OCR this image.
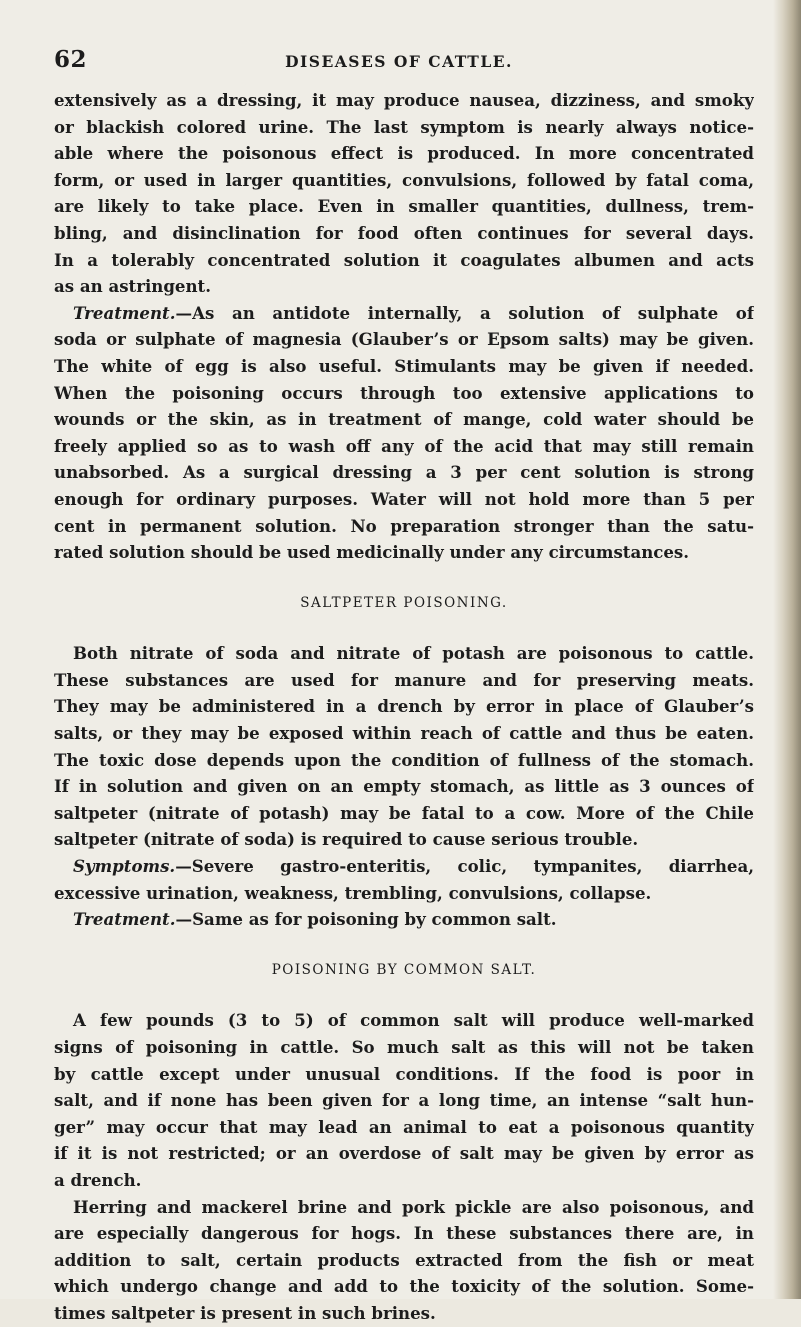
62	DISEASES OF CATTLE.
extensively as a dressing, it may produce nausea, dizziness, and smoky
or blackish colored urine. The last symptom is nearly always notice-
able where the poisonous effect is produced. In more concentrated
form, or used in larger quantities, convulsions, followed by fatal coma,
are likely to take place. Even in smaller quantities, dullness, trem-
bling, and disinclination for food often continues for several days.
In a tolerably concentrated solution it coagulates albumen and acts
as an astringent.
Treatment.—As an antidote internally, a solution of sulphate of
soda or sulphate of magnesia (Glauber’s or Epsom salts) may be given.
The white of egg is also useful. Stimulants may be given if needed.
When the poisoning occurs through too extensive applications to
wounds or the skin, as in treatment of mange, cold water should be
freely applied so as to wash off any of the acid that may still remain
unabsorbed. As a surgical dressing a 3 per cent solution is strong
enough for ordinary purposes. Water will not hold more than 5 per
cent in permanent solution. No preparation stronger than the satu-
rated solution should be used medicinally under any circumstances.
SALTPETER POISONING.
Both nitrate of soda and nitrate of potash are poisonous to cattle.
These substances are used for manure and for preserving meats.
They may be administered in a drench by error in place of Glauber’s
salts, or they may be exposed within reach of cattle and thus be eaten.
The toxic dose depends upon the condition of fullness of the stomach.
If in solution and given on an empty stomach, as little as 3 ounces of
saltpeter (nitrate of potash) may be fatal to a cow. More of the Chile
saltpeter (nitrate of soda) is required to cause serious trouble.
Symptoms.—Severe gastro-enteritis, colic, tympanites, diarrhea,
excessive urination, weakness, trembling, convulsions, collapse.
Treatment.—Same as for poisoning by common salt.
POISONING BY COMMON SALT.
A few pounds (3 to 5) of common salt will produce well-marked
signs of poisoning in cattle. So much salt as this will not be taken
by cattle except under unusual conditions. If the food is poor in
salt, and if none has been given for a long time, an intense “salt hun-
ger” may occur that may lead an animal to eat a poisonous quantity
if it is not restricted; or an overdose of salt may be given by error as
a drench.
Herring and mackerel brine and pork pickle are also poisonous, and
are especially dangerous for hogs. In these substances there are, in
addition to salt, certain products extracted from the fish or meat
which undergo change and add to the toxicity of the solution. Some-
times saltpeter is present in such brines.
